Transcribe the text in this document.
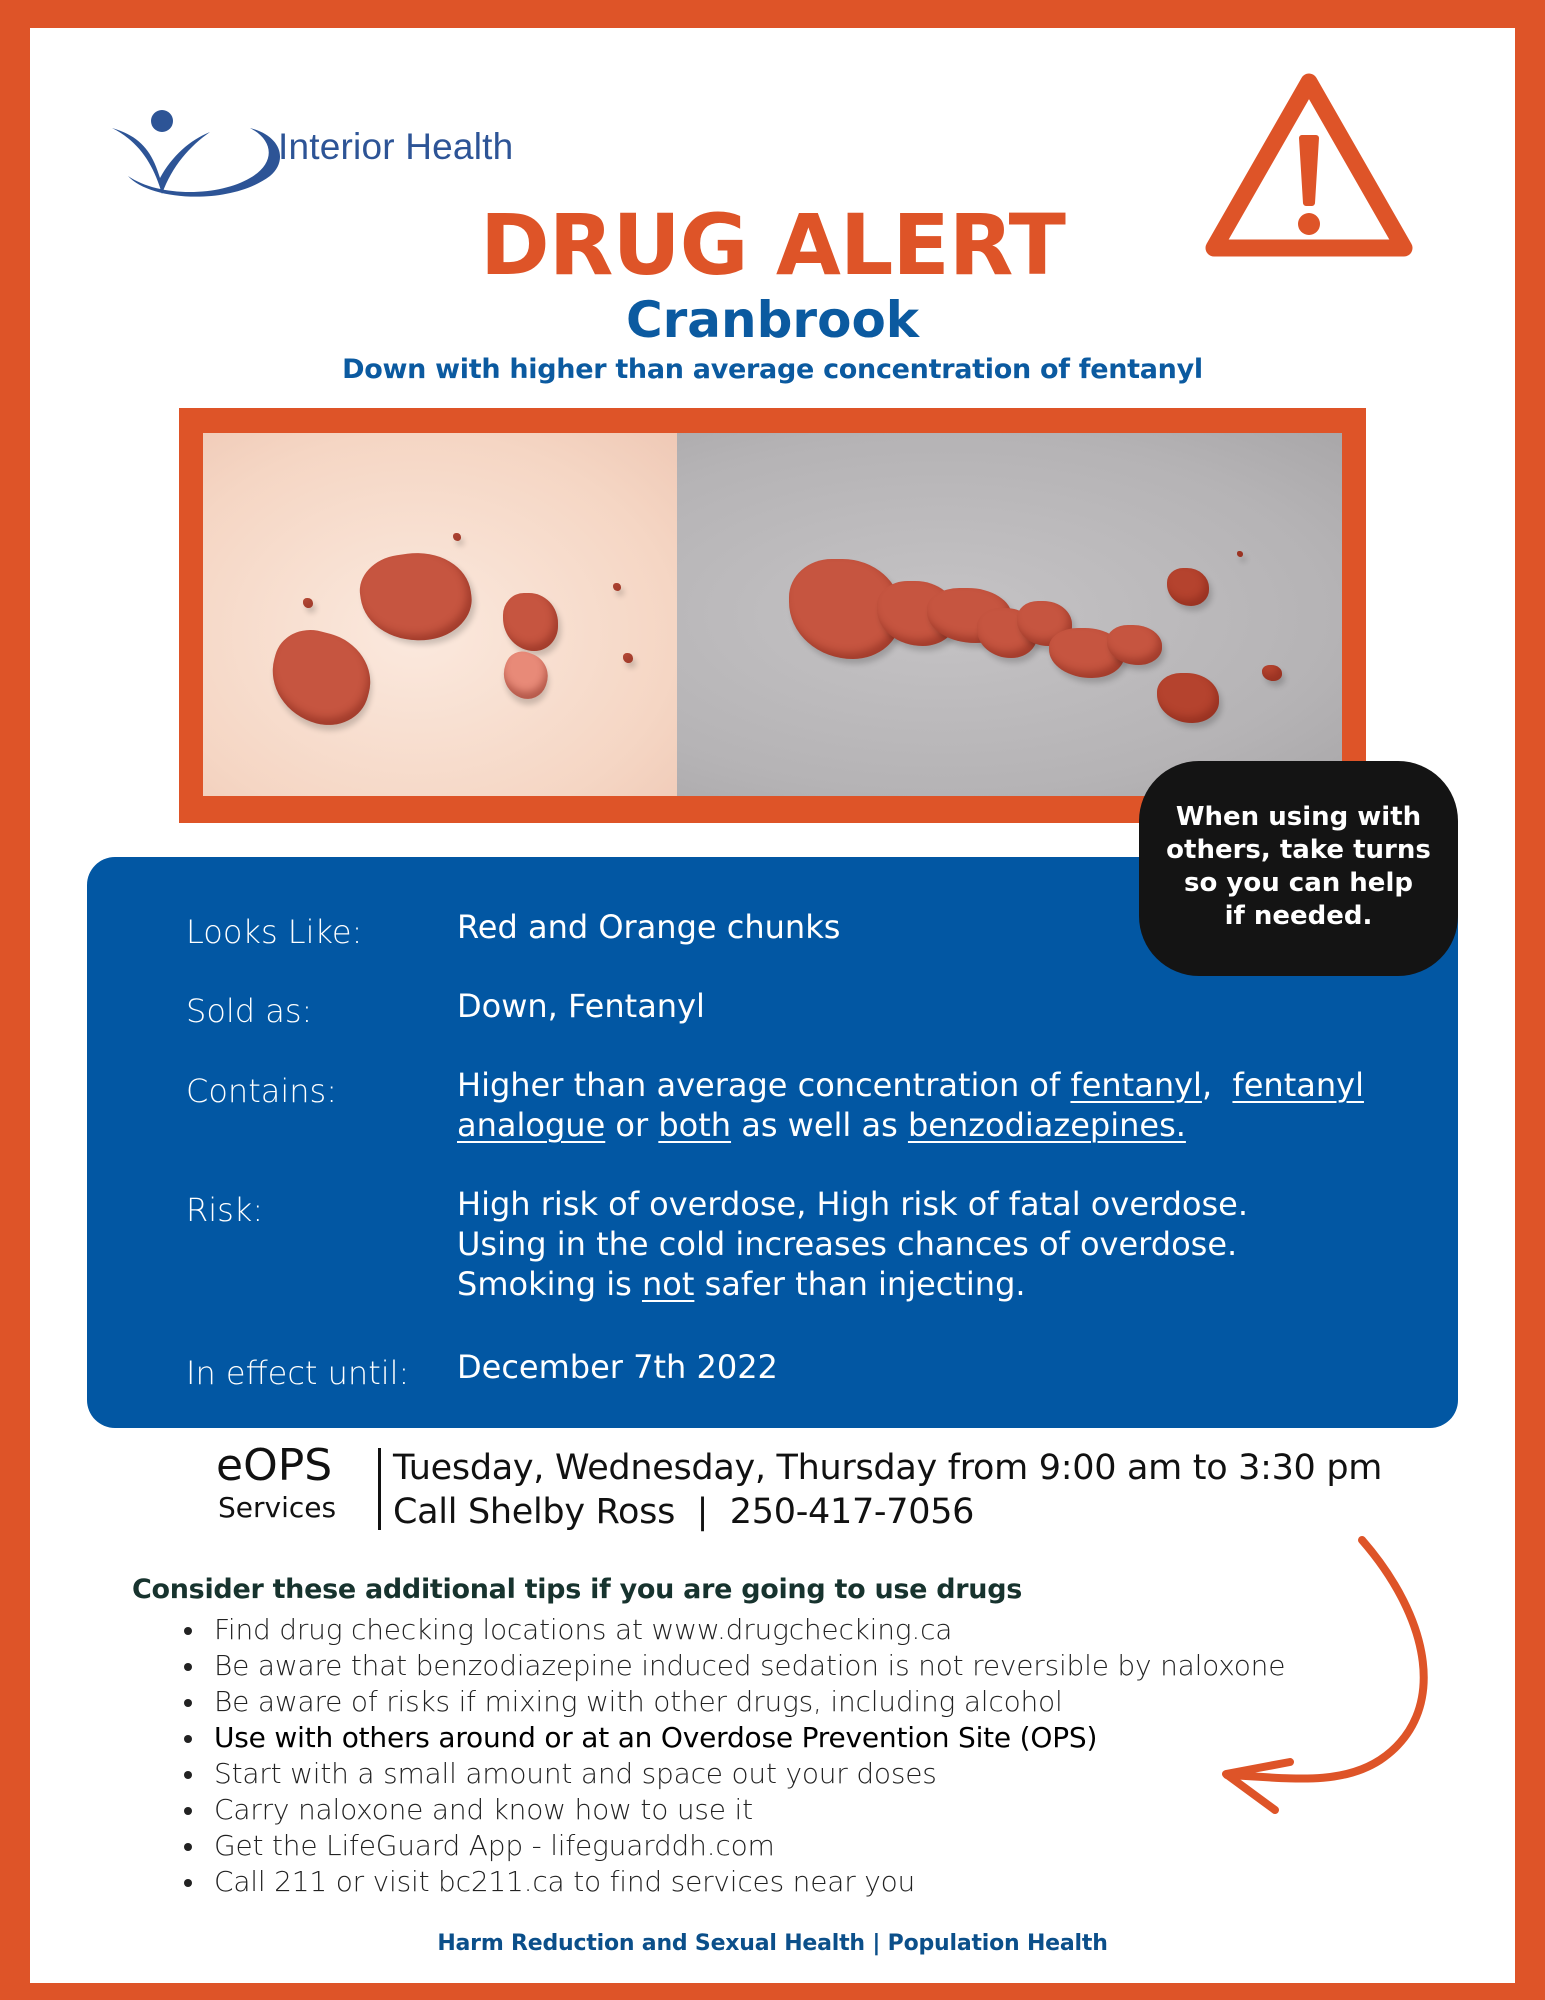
Interior Health
DRUG ALERT
Cranbrook
Down with higher than average concentration of fentanyl
Looks Like:	Red and Orange chunks
Sold as:	Down, Fentanyl
Contains:	Higher than average concentration of fentanyl,  fentanyl
analogue or both as well as benzodiazepines.
Risk:	High risk of overdose, High risk of fatal overdose.
Using in the cold increases chances of overdose.
Smoking is not safer than injecting.
In effect until: December 7th 2022
When using with
others, take turns
so you can help
if needed.
eOPS
Services
Tuesday, Wednesday, Thursday from 9:00 am to 3:30 pm
Call Shelby Ross  |  250-417-7056
Consider these additional tips if you are going to use drugs
Find drug checking locations at www.drugchecking.ca
Be aware that benzodiazepine induced sedation is not reversible by naloxone
Be aware of risks if mixing with other drugs, including alcohol
Use with others around or at an Overdose Prevention Site (OPS)
Start with a small amount and space out your doses
Carry naloxone and know how to use it
Get the LifeGuard App - lifeguarddh.com
Call 211 or visit bc211.ca to find services near you
Harm Reduction and Sexual Health | Population Health
